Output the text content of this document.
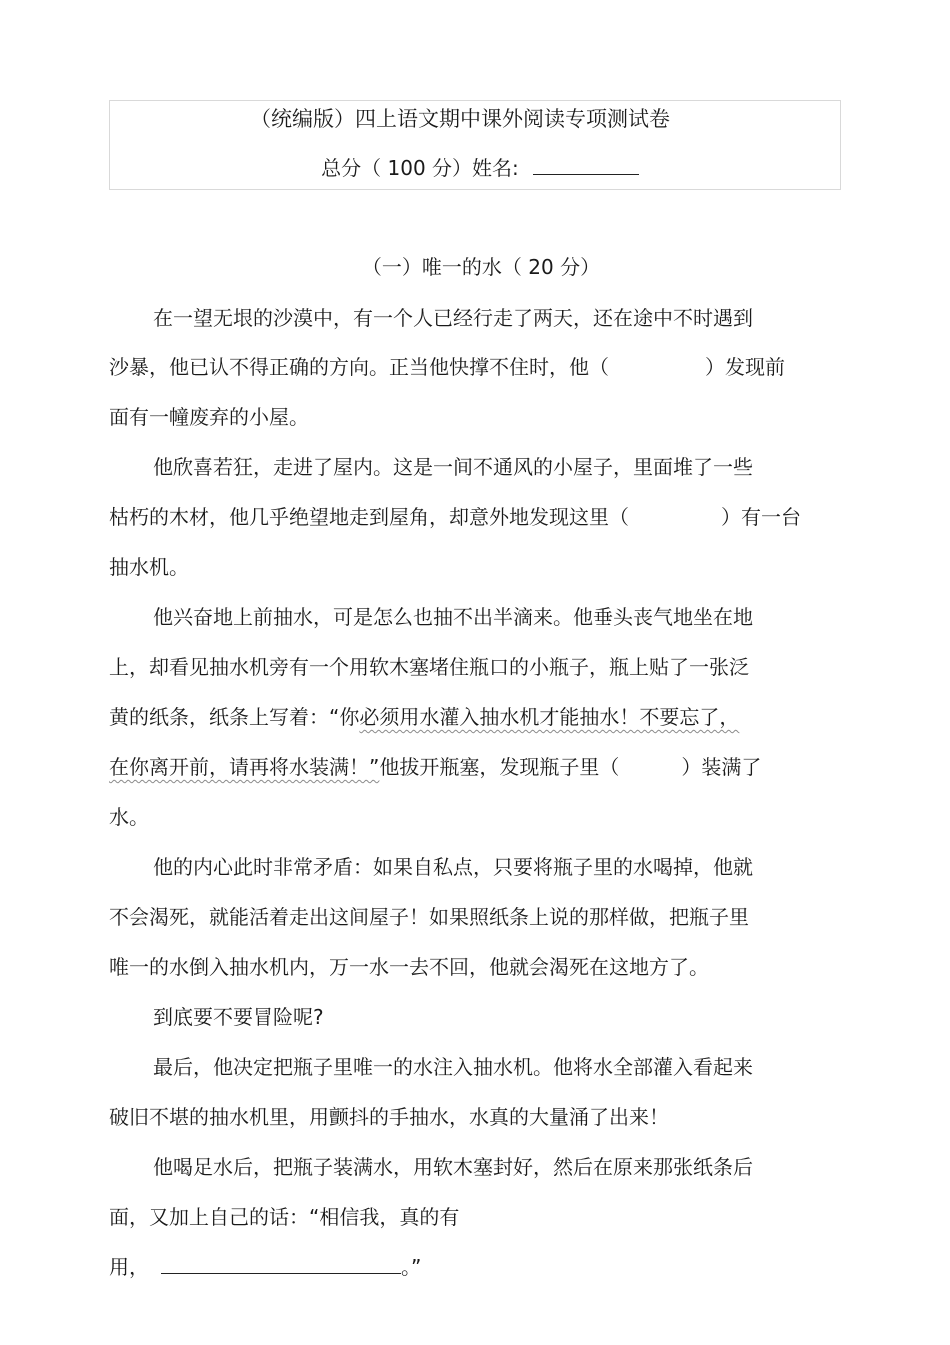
（统编版）四上语文期中课外阅读专项测试卷
总分（ 100 分）姓名:
（一）唯一的水（ 20 分）
在一望无垠的沙漠中，有一个人已经行走了两天，还在途中不时遇到
沙暴，他已认不得正确的方向。正当他快撑不住时，他（	）发现前
面有一幢废弃的小屋。
他欣喜若狂，走进了屋内。这是一间不通风的小屋子，里面堆了一些
枯朽的木材，他几乎绝望地走到屋角，却意外地发现这里（	）有一台
抽水机。
他兴奋地上前抽水，可是怎么也抽不出半滴来。他垂头丧气地坐在地
上，却看见抽水机旁有一个用软木塞堵住瓶口的小瓶子，瓶上贴了一张泛
黄的纸条，纸条上写着：“你必须用水灌入抽水机才能抽水！不要忘了，
在你离开前，请再将水装满！”他拔开瓶塞，发现瓶子里（	）装满了
水。
他的内心此时非常矛盾：如果自私点，只要将瓶子里的水喝掉，他就
不会渴死，就能活着走出这间屋子！如果照纸条上说的那样做，把瓶子里
唯一的水倒入抽水机内，万一水一去不回，他就会渴死在这地方了。
到底要不要冒险呢?
最后，他决定把瓶子里唯一的水注入抽水机。他将水全部灌入看起来
破旧不堪的抽水机里，用颤抖的手抽水，水真的大量涌了出来！
他喝足水后，把瓶子装满水，用软木塞封好，然后在原来那张纸条后
面，又加上自己的话：“相信我，真的有
用，	。”
